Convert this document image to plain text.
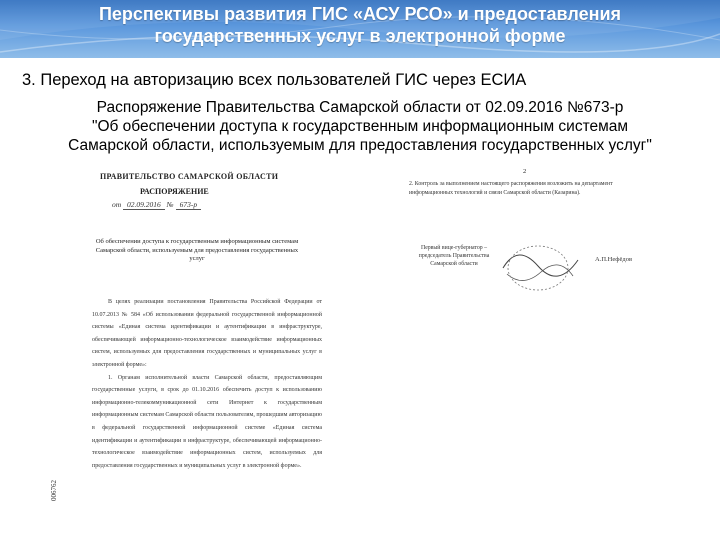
Перспективы развития ГИС «АСУ РСО» и предоставления
государственных услуг в электронной форме
3. Переход на авторизацию всех пользователей ГИС через ЕСИА
Распоряжение Правительства Самарской области от 02.09.2016 №673-р
"Об обеспечении доступа к государственным информационным системам
Самарской области, используемым для предоставления государственных услуг"
ПРАВИТЕЛЬСТВО САМАРСКОЙ ОБЛАСТИ
РАСПОРЯЖЕНИЕ
от 02.09.2016 № 673-р
Об обеспечении доступа к государственным информационным системам Самарской области, используемым для предоставления государственных услуг

В целях реализации постановления Правительства Российской Федерации от 10.07.2013 № 584 «Об использовании федеральной государственной информационной системы «Единая система идентификации и аутентификации в инфраструктуре, обеспечивающей информационно-технологическое взаимодействие информационных систем, используемых для предоставления государственных и муниципальных услуг в электронной форме»:

1. Органам исполнительной власти Самарской области, предоставляющим государственные услуги, в срок до 01.10.2016 обеспечить доступ к использованию информационно-телекоммуникационной сети Интернет к государственным информационным системам Самарской области пользователям, прошедшим авторизацию в федеральной государственной информационной системе «Единая система идентификации и аутентификации в инфраструктуре, обеспечивающей информационно-технологическое взаимодействие информационных систем, используемых для предоставления государственных и муниципальных услуг в электронной форме».

006762
2
2. Контроль за выполнением настоящего распоряжения возложить на департамент информационных технологий и связи Самарской области (Казарина).
Первый вице-губернатор – председатель Правительства Самарской области
А.П.Нефёдов
